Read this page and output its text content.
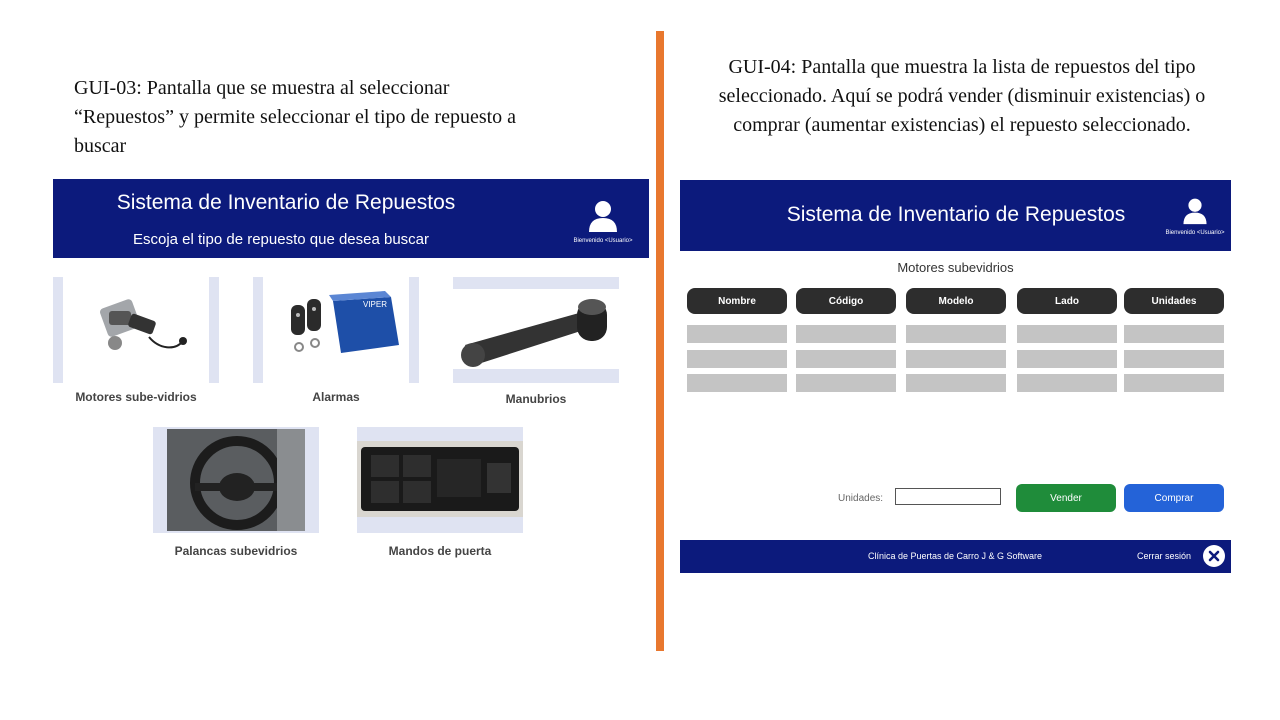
GUI-03: Pantalla que se muestra al seleccionar “Repuestos” y permite seleccionar el tipo de repuesto a buscar
GUI-04: Pantalla que muestra la lista de repuestos del tipo seleccionado. Aquí se podrá vender (disminuir existencias) o comprar (aumentar existencias) el repuesto seleccionado.
Sistema de Inventario de Repuestos
Escoja el tipo de repuesto que desea buscar	Bienvenido <Usuario>
Motores sube-vidrios
VIPER
Alarmas	Manubrios
Palancas subevidrios	Mandos de puerta
Sistema de Inventario de Repuestos
Bienvenido <Usuario>
Motores subevidrios
Nombre	Código	Modelo	Lado	Unidades
Unidades:	Vender	Comprar
Clínica de Puertas de Carro J & G Software	Cerrar sesión
